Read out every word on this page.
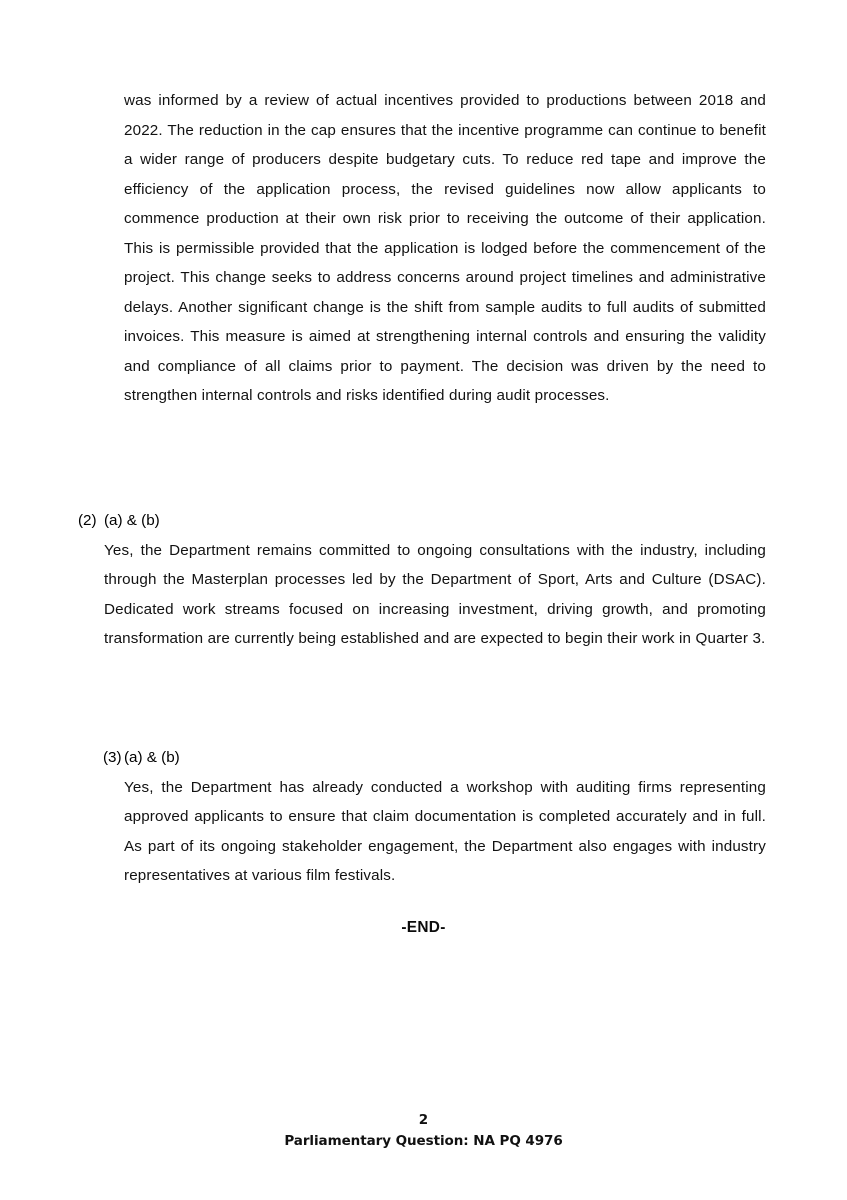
was informed by a review of actual incentives provided to productions between 2018 and 2022. The reduction in the cap ensures that the incentive programme can continue to benefit a wider range of producers despite budgetary cuts. To reduce red tape and improve the efficiency of the application process, the revised guidelines now allow applicants to commence production at their own risk prior to receiving the outcome of their application. This is permissible provided that the application is lodged before the commencement of the project. This change seeks to address concerns around project timelines and administrative delays. Another significant change is the shift from sample audits to full audits of submitted invoices. This measure is aimed at strengthening internal controls and ensuring the validity and compliance of all claims prior to payment. The decision was driven by the need to strengthen internal controls and risks identified during audit processes.
(2) (a) & (b)
Yes, the Department remains committed to ongoing consultations with the industry, including through the Masterplan processes led by the Department of Sport, Arts and Culture (DSAC). Dedicated work streams focused on increasing investment, driving growth, and promoting transformation are currently being established and are expected to begin their work in Quarter 3.
(3) (a) & (b)
Yes, the Department has already conducted a workshop with auditing firms representing approved applicants to ensure that claim documentation is completed accurately and in full. As part of its ongoing stakeholder engagement, the Department also engages with industry representatives at various film festivals.
-END-
2
Parliamentary Question: NA PQ 4976
